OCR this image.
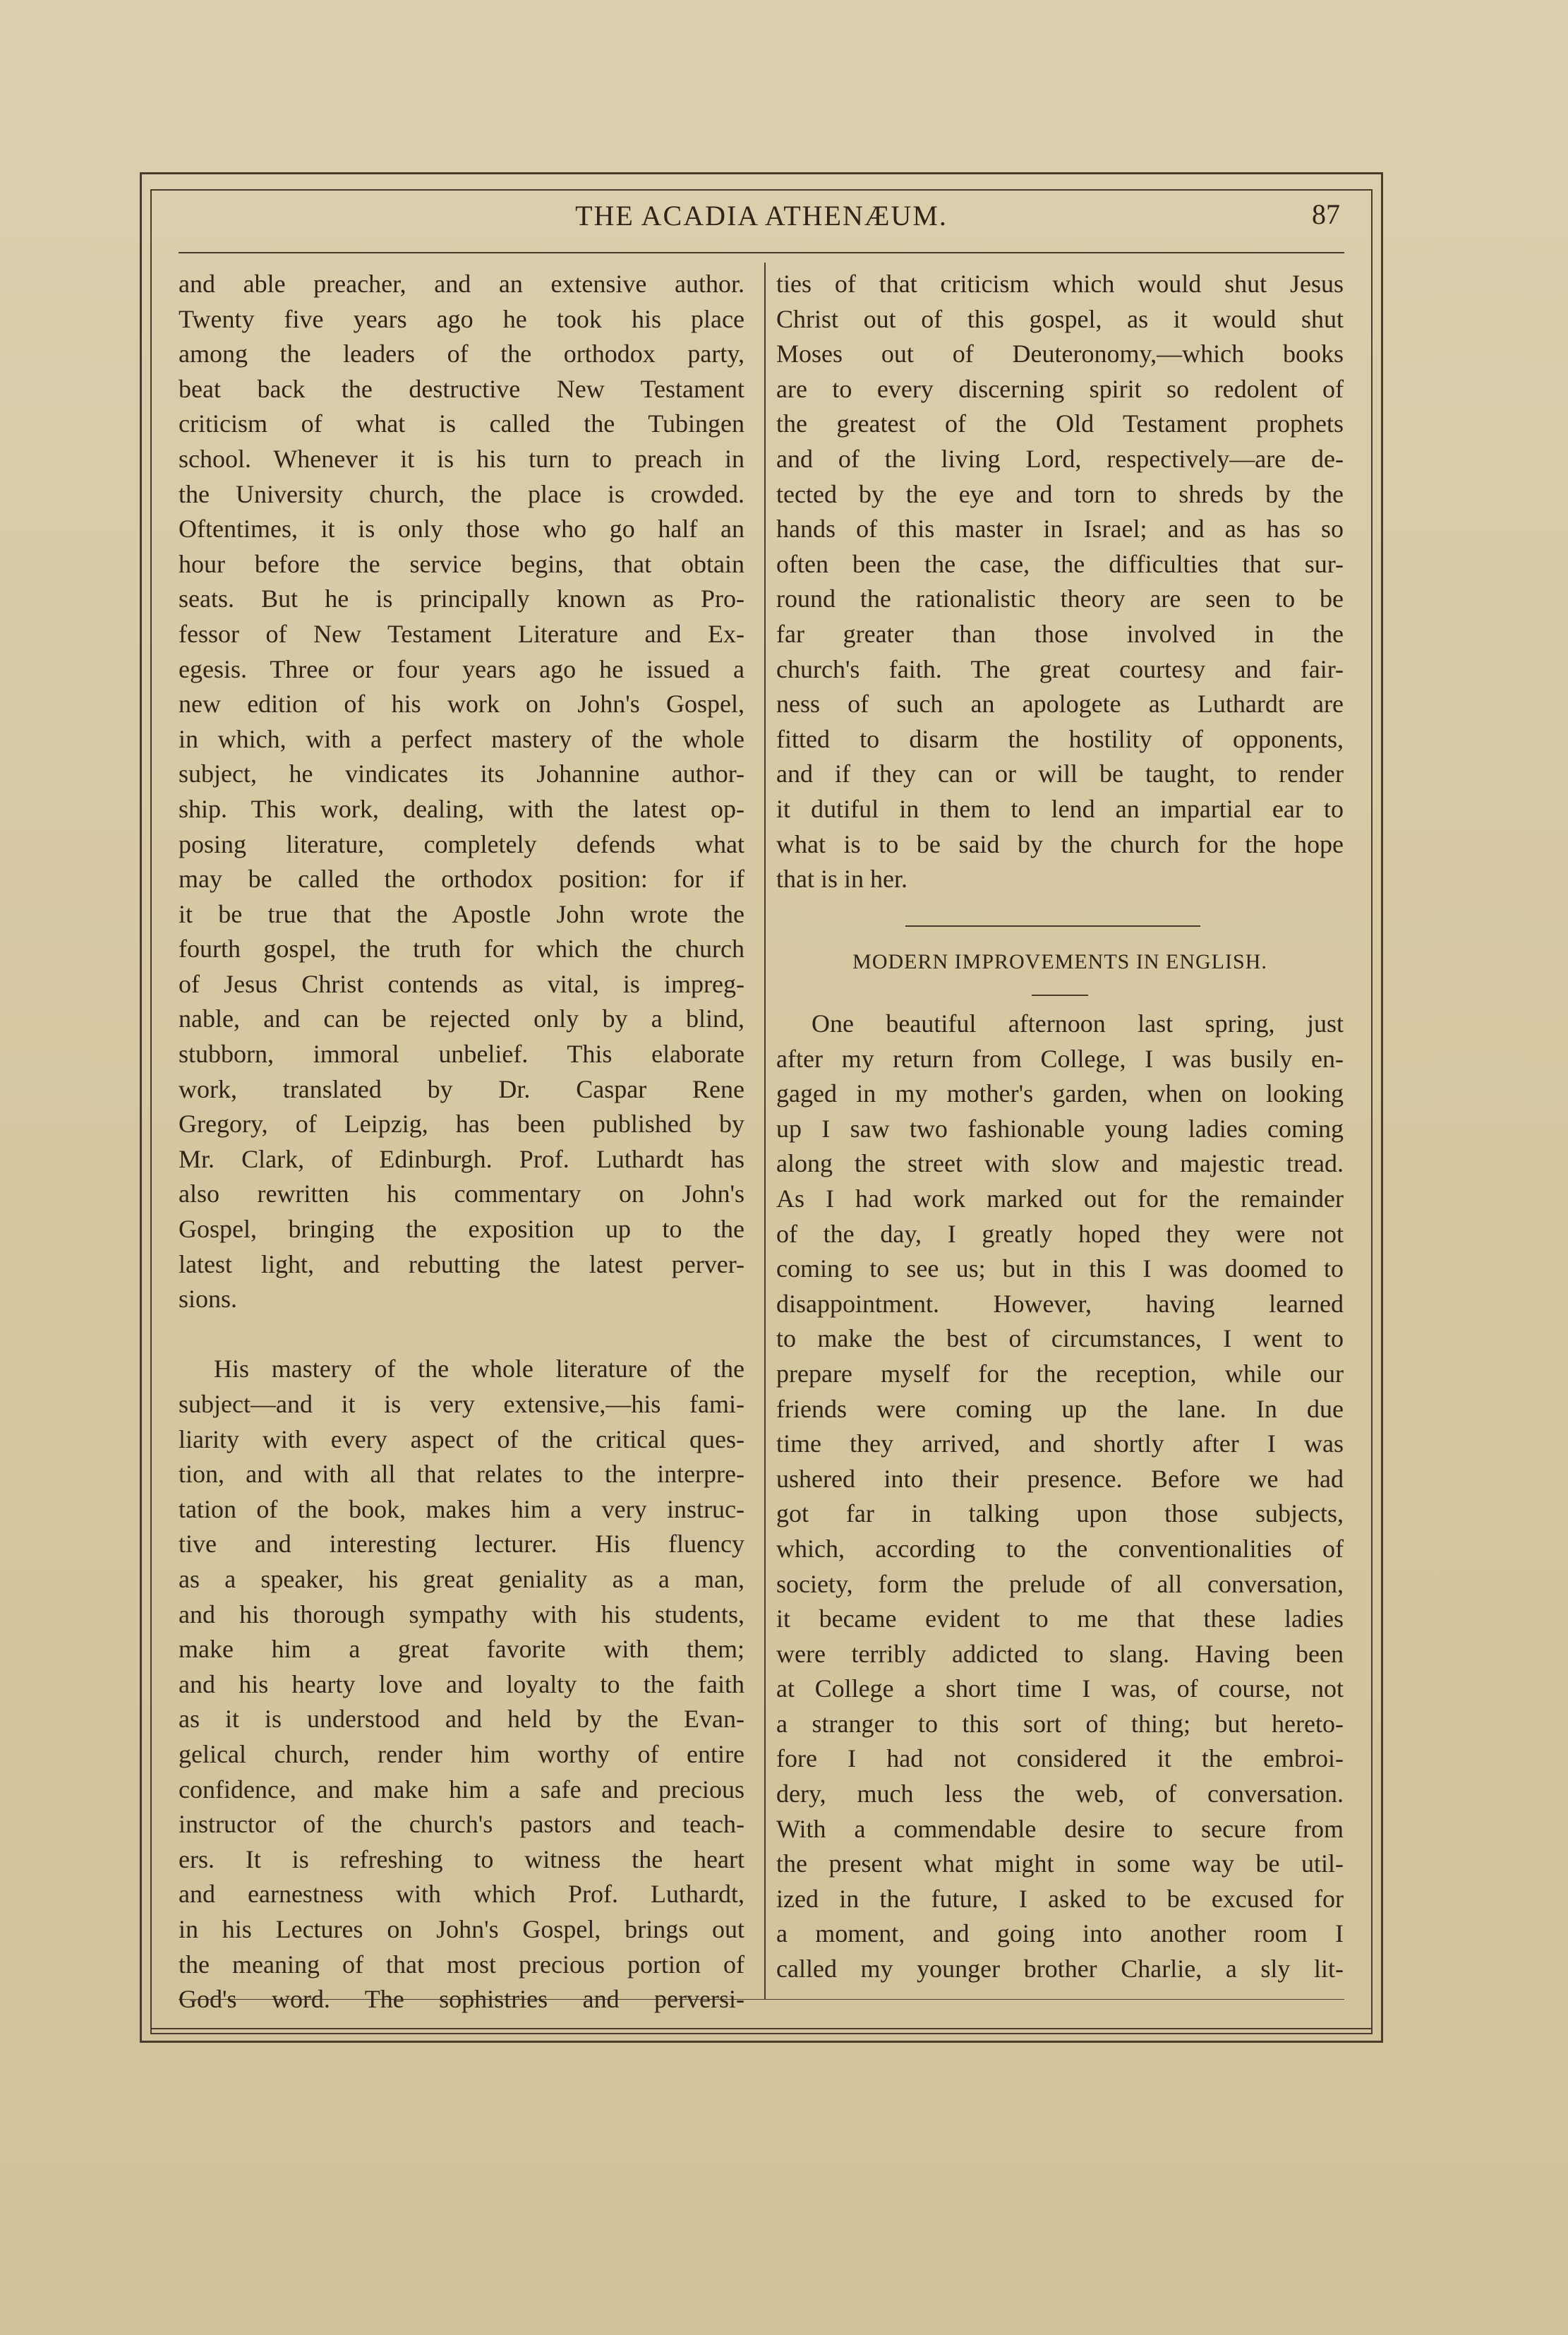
THE ACADIA ATHENÆUM.	87
and able preacher, and an extensive author.
Twenty five years ago he took his place
among the leaders of the orthodox party,
beat back the destructive New Testament
criticism of what is called the Tubingen
school. Whenever it is his turn to preach in
the University church, the place is crowded.
Oftentimes, it is only those who go half an
hour before the service begins, that obtain
seats. But he is principally known as Pro-
fessor of New Testament Literature and Ex-
egesis. Three or four years ago he issued a
new edition of his work on John's Gospel,
in which, with a perfect mastery of the whole
subject, he vindicates its Johannine author-
ship. This work, dealing, with the latest op-
posing literature, completely defends what
may be called the orthodox position: for if
it be true that the Apostle John wrote the
fourth gospel, the truth for which the church
of Jesus Christ contends as vital, is impreg-
nable, and can be rejected only by a blind,
stubborn, immoral unbelief. This elaborate
work, translated by Dr. Caspar Rene
Gregory, of Leipzig, has been published by
Mr. Clark, of Edinburgh. Prof. Luthardt has
also rewritten his commentary on John's
Gospel, bringing the exposition up to the
latest light, and rebutting the latest perver-
sions.
His mastery of the whole literature of the
subject—and it is very extensive,—his fami-
liarity with every aspect of the critical ques-
tion, and with all that relates to the interpre-
tation of the book, makes him a very instruc-
tive and interesting lecturer. His fluency
as a speaker, his great geniality as a man,
and his thorough sympathy with his students,
make him a great favorite with them;
and his hearty love and loyalty to the faith
as it is understood and held by the Evan-
gelical church, render him worthy of entire
confidence, and make him a safe and precious
instructor of the church's pastors and teach-
ers. It is refreshing to witness the heart
and earnestness with which Prof. Luthardt,
in his Lectures on John's Gospel, brings out
the meaning of that most precious portion of
God's word. The sophistries and perversi-
ties of that criticism which would shut Jesus
Christ out of this gospel, as it would shut
Moses out of Deuteronomy,—which books
are to every discerning spirit so redolent of
the greatest of the Old Testament prophets
and of the living Lord, respectively—are de-
tected by the eye and torn to shreds by the
hands of this master in Israel; and as has so
often been the case, the difficulties that sur-
round the rationalistic theory are seen to be
far greater than those involved in the
church's faith. The great courtesy and fair-
ness of such an apologete as Luthardt are
fitted to disarm the hostility of opponents,
and if they can or will be taught, to render
it dutiful in them to lend an impartial ear to
what is to be said by the church for the hope
that is in her.
MODERN IMPROVEMENTS IN ENGLISH.
One beautiful afternoon last spring, just
after my return from College, I was busily en-
gaged in my mother's garden, when on looking
up I saw two fashionable young ladies coming
along the street with slow and majestic tread.
As I had work marked out for the remainder
of the day, I greatly hoped they were not
coming to see us; but in this I was doomed to
disappointment. However, having learned
to make the best of circumstances, I went to
prepare myself for the reception, while our
friends were coming up the lane. In due
time they arrived, and shortly after I was
ushered into their presence. Before we had
got far in talking upon those subjects,
which, according to the conventionalities of
society, form the prelude of all conversation,
it became evident to me that these ladies
were terribly addicted to slang. Having been
at College a short time I was, of course, not
a stranger to this sort of thing; but hereto-
fore I had not considered it the embroi-
dery, much less the web, of conversation.
With a commendable desire to secure from
the present what might in some way be util-
ized in the future, I asked to be excused for
a moment, and going into another room I
called my younger brother Charlie, a sly lit-
